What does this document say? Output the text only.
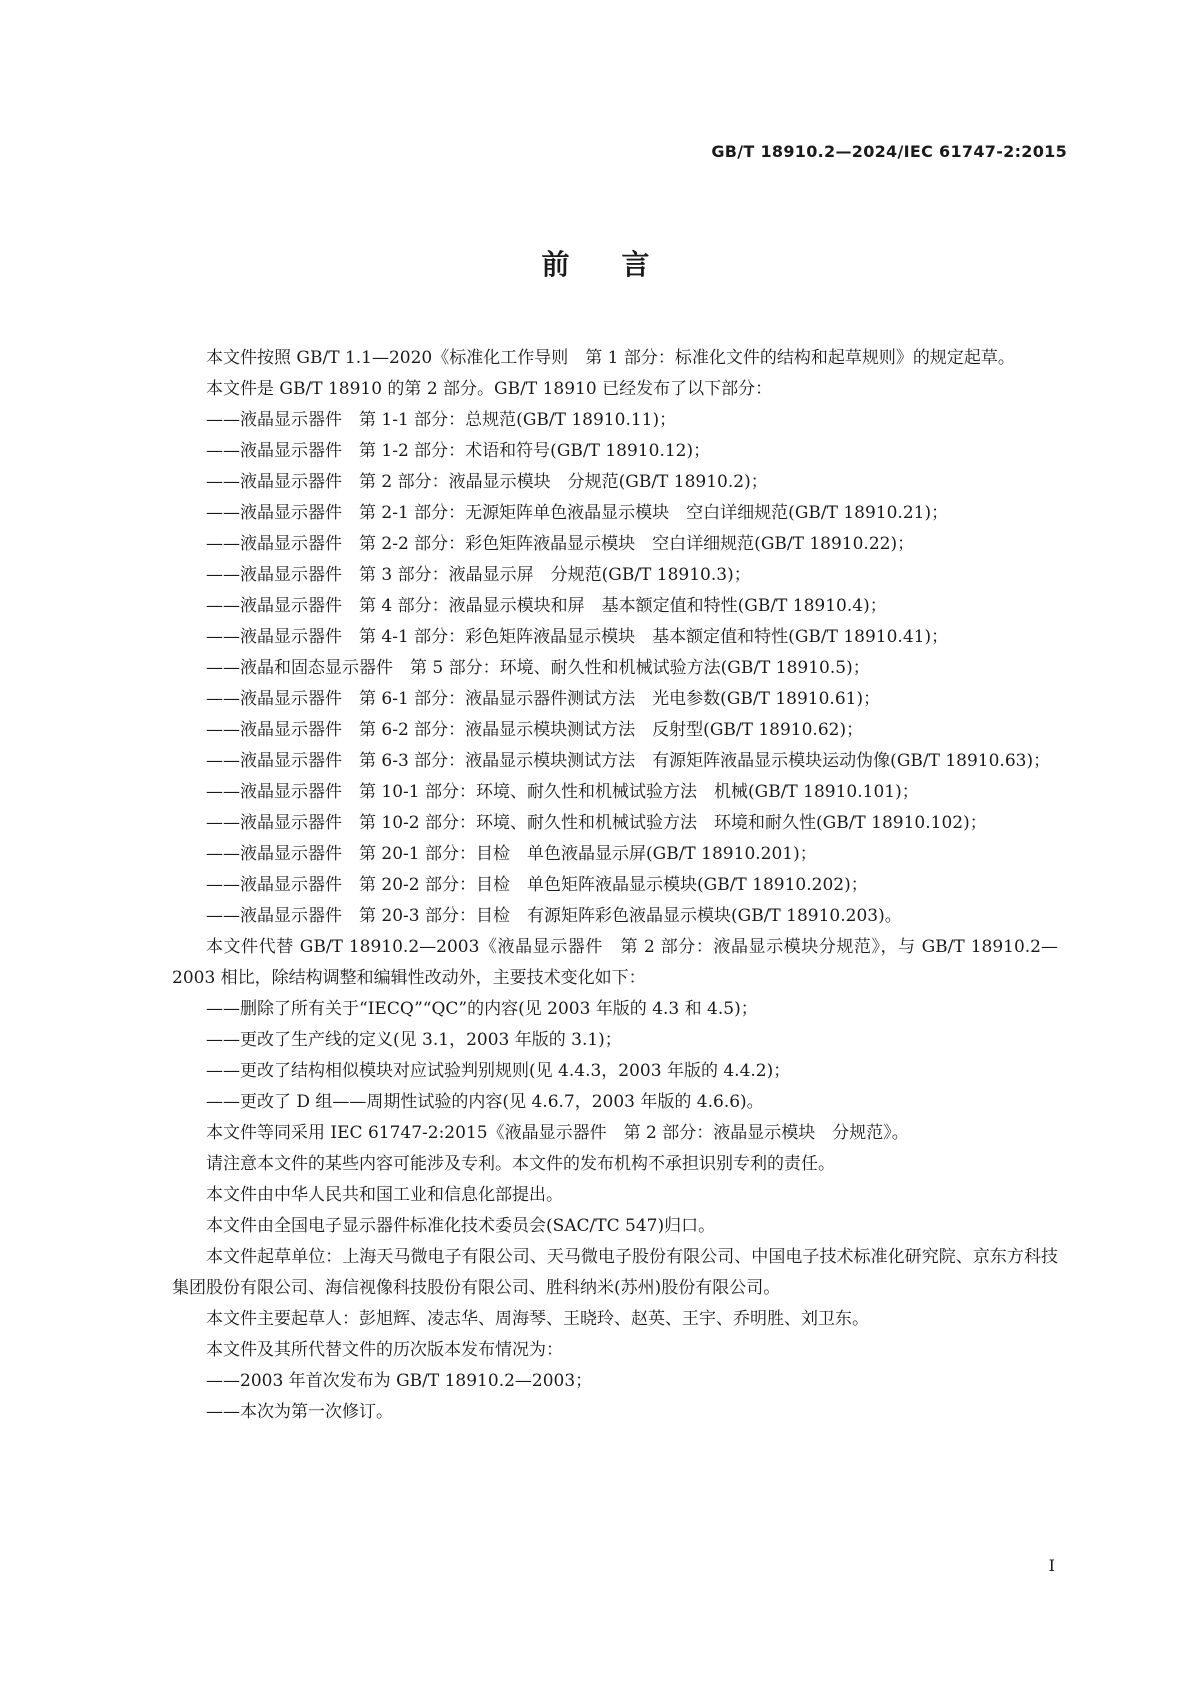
GB/T 18910.2—2024/IEC 61747-2:2015
前言

本文件按照 GB/T 1.1—2020《标准化工作导则　第 1 部分：标准化文件的结构和起草规则》的规定起草。

本文件是 GB/T 18910 的第 2 部分。GB/T 18910 已经发布了以下部分：

——液晶显示器件　第 1-1 部分：总规范(GB/T 18910.11)；

——液晶显示器件　第 1-2 部分：术语和符号(GB/T 18910.12)；

——液晶显示器件　第 2 部分：液晶显示模块　分规范(GB/T 18910.2)；

——液晶显示器件　第 2-1 部分：无源矩阵单色液晶显示模块　空白详细规范(GB/T 18910.21)；

——液晶显示器件　第 2-2 部分：彩色矩阵液晶显示模块　空白详细规范(GB/T 18910.22)；

——液晶显示器件　第 3 部分：液晶显示屏　分规范(GB/T 18910.3)；

——液晶显示器件　第 4 部分：液晶显示模块和屏　基本额定值和特性(GB/T 18910.4)；

——液晶显示器件　第 4-1 部分：彩色矩阵液晶显示模块　基本额定值和特性(GB/T 18910.41)；

——液晶和固态显示器件　第 5 部分：环境、耐久性和机械试验方法(GB/T 18910.5)；

——液晶显示器件　第 6-1 部分：液晶显示器件测试方法　光电参数(GB/T 18910.61)；

——液晶显示器件　第 6-2 部分：液晶显示模块测试方法　反射型(GB/T 18910.62)；

——液晶显示器件　第 6-3 部分：液晶显示模块测试方法　有源矩阵液晶显示模块运动伪像(GB/T 18910.63)；

——液晶显示器件　第 10-1 部分：环境、耐久性和机械试验方法　机械(GB/T 18910.101)；

——液晶显示器件　第 10-2 部分：环境、耐久性和机械试验方法　环境和耐久性(GB/T 18910.102)；

——液晶显示器件　第 20-1 部分：目检　单色液晶显示屏(GB/T 18910.201)；

——液晶显示器件　第 20-2 部分：目检　单色矩阵液晶显示模块(GB/T 18910.202)；

——液晶显示器件　第 20-3 部分：目检　有源矩阵彩色液晶显示模块(GB/T 18910.203)。

本文件代替 GB/T 18910.2—2003《液晶显示器件　第 2 部分：液晶显示模块分规范》，与 GB/T 18910.2—2003 相比，除结构调整和编辑性改动外，主要技术变化如下：

——删除了所有关于“IECQ”“QC”的内容(见 2003 年版的 4.3 和 4.5)；

——更改了生产线的定义(见 3.1，2003 年版的 3.1)；

——更改了结构相似模块对应试验判别规则(见 4.4.3，2003 年版的 4.4.2)；

——更改了 D 组——周期性试验的内容(见 4.6.7，2003 年版的 4.6.6)。

本文件等同采用 IEC 61747-2:2015《液晶显示器件　第 2 部分：液晶显示模块　分规范》。

请注意本文件的某些内容可能涉及专利。本文件的发布机构不承担识别专利的责任。

本文件由中华人民共和国工业和信息化部提出。

本文件由全国电子显示器件标准化技术委员会(SAC/TC 547)归口。

本文件起草单位：上海天马微电子有限公司、天马微电子股份有限公司、中国电子技术标准化研究院、京东方科技集团股份有限公司、海信视像科技股份有限公司、胜科纳米(苏州)股份有限公司。

本文件主要起草人：彭旭辉、凌志华、周海琴、王晓玲、赵英、王宇、乔明胜、刘卫东。

本文件及其所代替文件的历次版本发布情况为：

——2003 年首次发布为 GB/T 18910.2—2003；

——本次为第一次修订。

I
